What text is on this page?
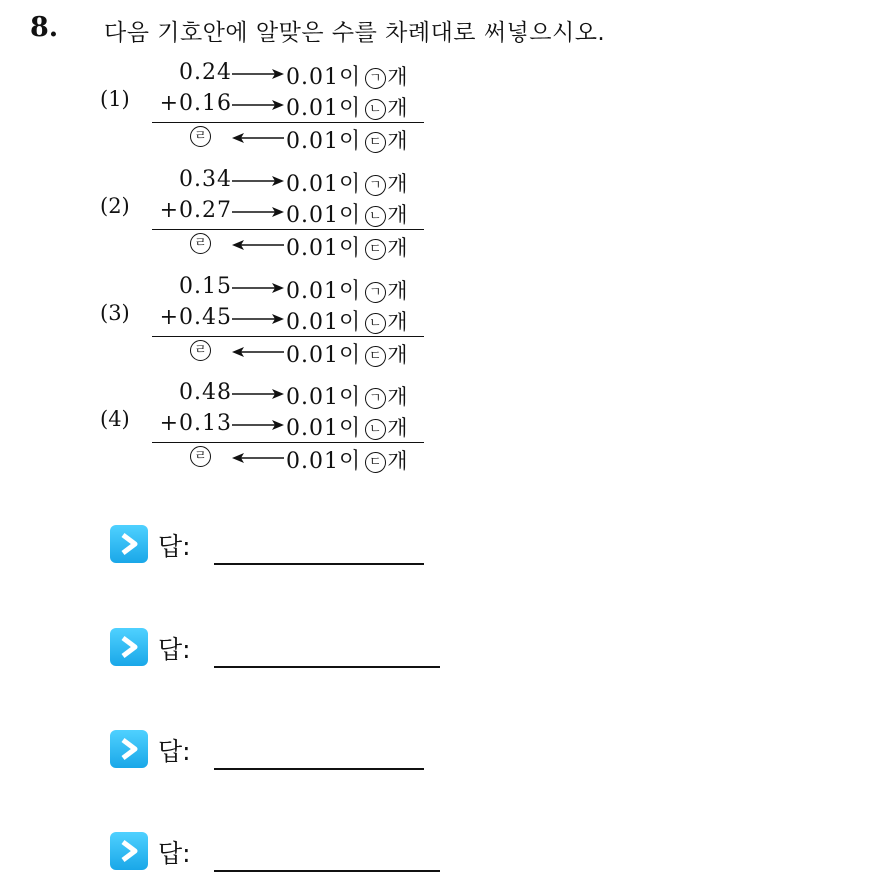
8. 다음 기호안에 알맞은 수를 차례대로 써넣으시오.
(1)
0.24 0.01이 ㄱ 개
+0.16 0.01이 ㄴ 개
ㄹ	0.01이 ㄷ 개
(2)
0.34 0.01이 ㄱ 개
+0.27 0.01이 ㄴ 개
ㄹ	0.01이 ㄷ 개
(3)
0.15 0.01이 ㄱ 개
+0.45 0.01이 ㄴ 개
ㄹ	0.01이 ㄷ 개
(4)
0.48 0.01이 ㄱ 개
+0.13 0.01이 ㄴ 개
ㄹ	0.01이 ㄷ 개
답:
답:
답:
답:
